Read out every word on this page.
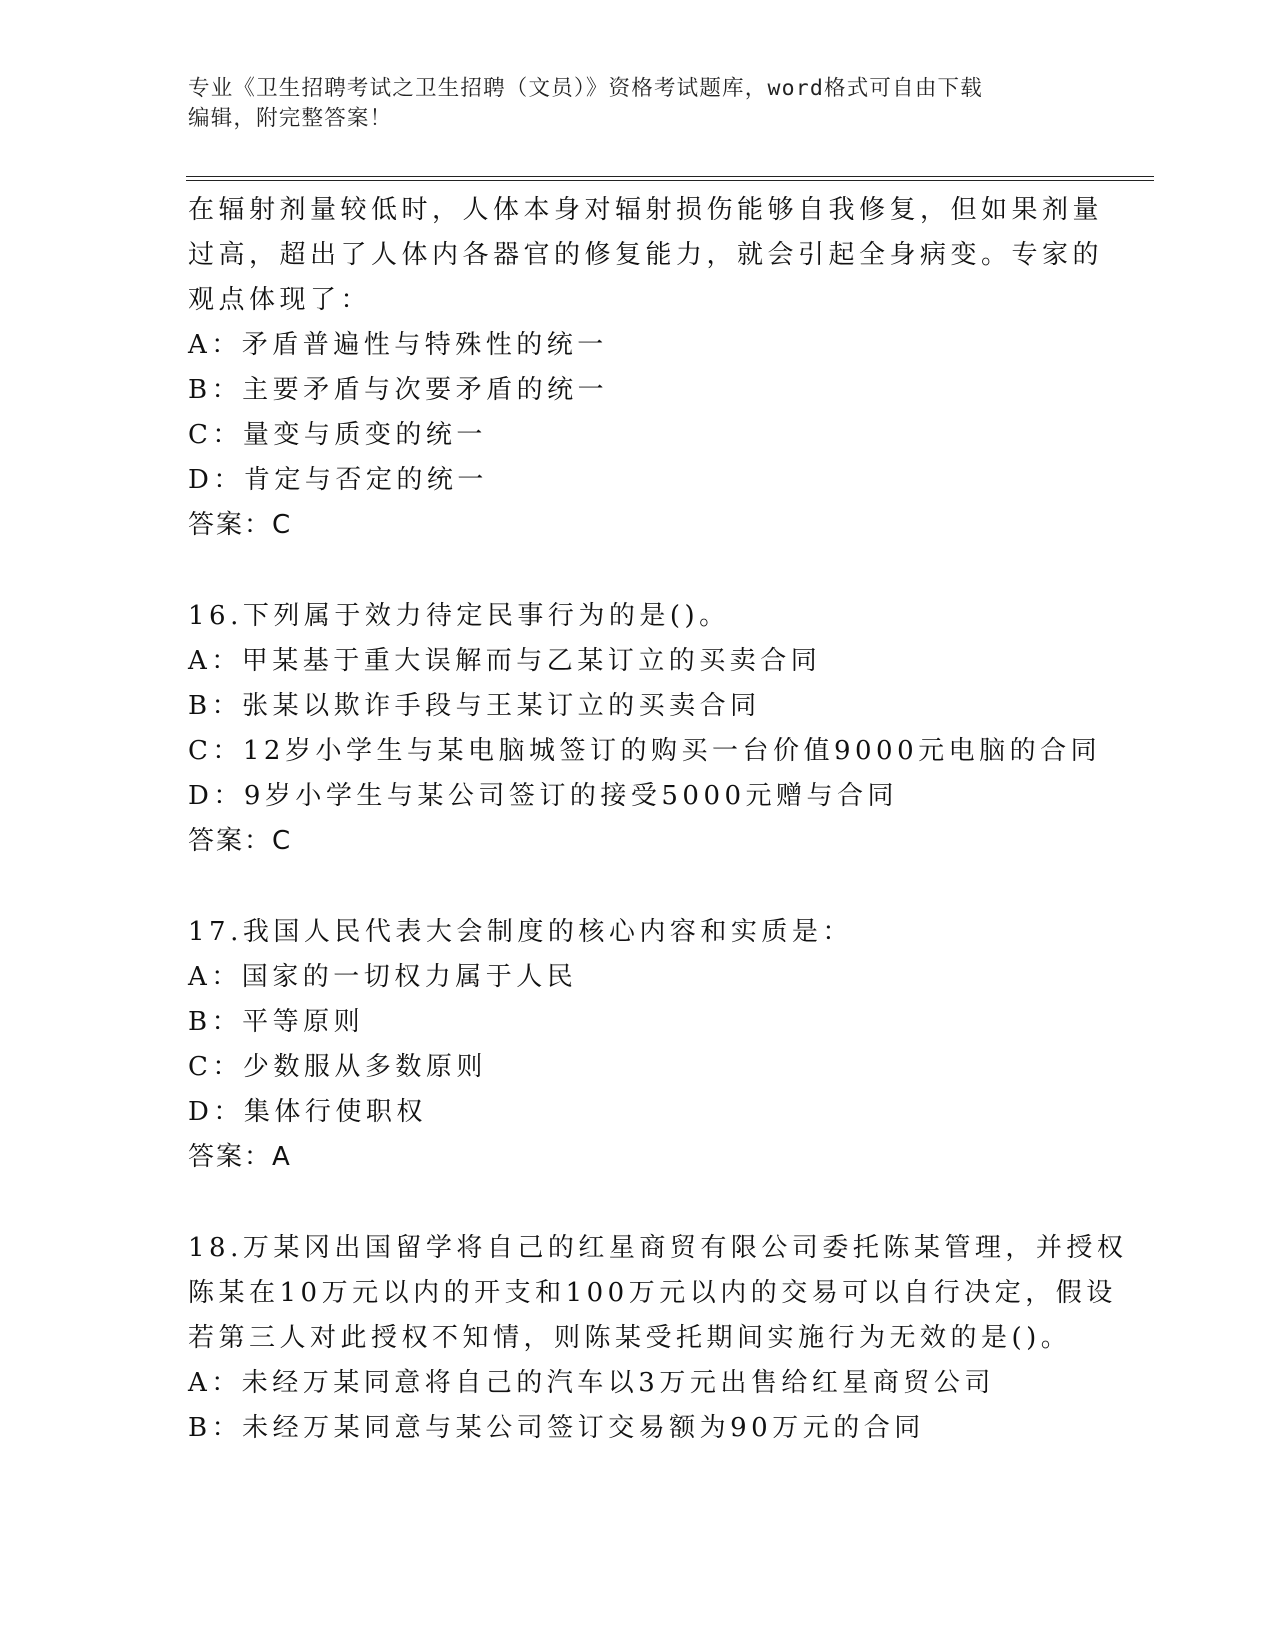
专业《卫生招聘考试之卫生招聘（文员）》资格考试题库，word格式可自由下载
编辑，附完整答案！
在辐射剂量较低时，人体本身对辐射损伤能够自我修复，但如果剂量
过高，超出了人体内各器官的修复能力，就会引起全身病变。专家的
观点体现了：
A：矛盾普遍性与特殊性的统一
B：主要矛盾与次要矛盾的统一
C：量变与质变的统一
D：肯定与否定的统一
答案：C
16.下列属于效力待定民事行为的是()。
A：甲某基于重大误解而与乙某订立的买卖合同
B：张某以欺诈手段与王某订立的买卖合同
C：12岁小学生与某电脑城签订的购买一台价值9000元电脑的合同
D：9岁小学生与某公司签订的接受5000元赠与合同
答案：C
17.我国人民代表大会制度的核心内容和实质是：
A：国家的一切权力属于人民
B：平等原则
C：少数服从多数原则
D：集体行使职权
答案：A
18.万某冈出国留学将自己的红星商贸有限公司委托陈某管理，并授权
陈某在10万元以内的开支和100万元以内的交易可以自行决定，假设
若第三人对此授权不知情，则陈某受托期间实施行为无效的是()。
A：未经万某同意将自己的汽车以3万元出售给红星商贸公司
B：未经万某同意与某公司签订交易额为90万元的合同
